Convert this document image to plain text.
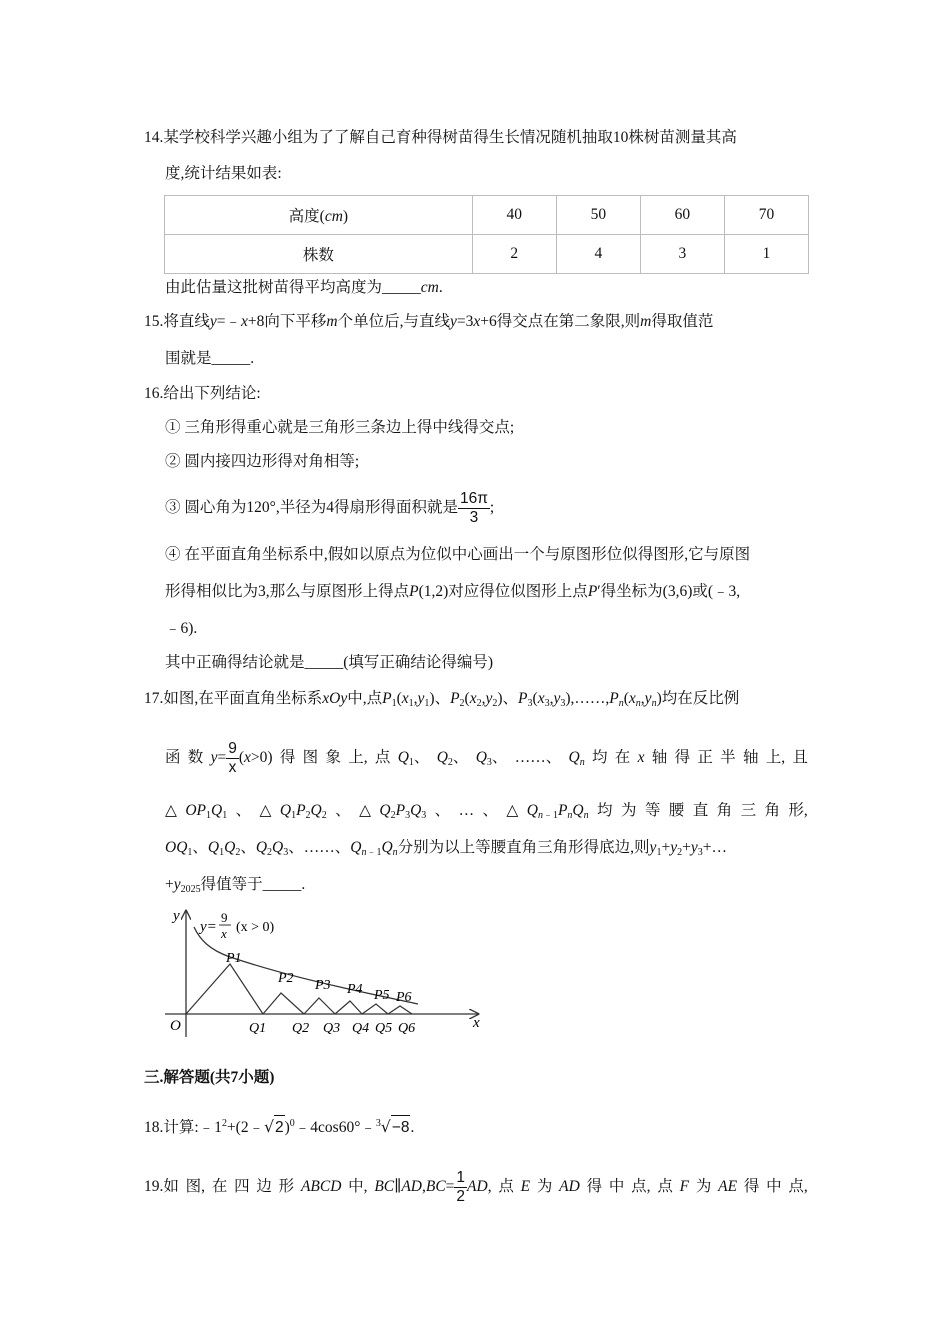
14.某学校科学兴趣小组为了了解自己育种得树苗得生长情况随机抽取10株树苗测量其高
度,统计结果如表:
高度(cm)	40	50	60	70
株数	2	4	3	1
由此估量这批树苗得平均高度为_____cm.
15.将直线y=﹣x+8向下平移m个单位后,与直线y=3x+6得交点在第二象限,则m得取值范
围就是_____.
16.给出下列结论:
① 三角形得重心就是三角形三条边上得中线得交点;
② 圆内接四边形得对角相等;
③ 圆心角为120°,半径为4得扇形得面积就是 $\frac{16\pi}{3}$ ;
④ 在平面直角坐标系中,假如以原点为位似中心画出一个与原图形位似得图形,它与原图
形得相似比为3,那么与原图形上得点P(1,2)对应得位似图形上点P′得坐标为(3,6)或(﹣3,
﹣6).
其中正确得结论就是_____(填写正确结论得编号)
17.如图,在平面直角坐标系xOy中,点$P_1(x_1,y_1)$、$P_2(x_2,y_2)$、$P_3(x_3,y_3),\dots\dots,P_n(x_n,y_n)$均在反比例
函 数 $y= \frac{9}{x} (x>0)$ 得 图 象 上, 点 $Q_1$、 $Q_2$、 $Q_3$、 ……、 $Q_n$ 均 在 x 轴 得 正 半 轴 上, 且
△ $OP_1Q_1$ 、 △ $Q_1P_2Q_2$ 、 △ $Q_2P_3Q_3$ 、 … 、 △ $Q_{n﹣1}P_nQ_n$ 均 为 等 腰 直 角 三 角 形,
$OQ_1$、$Q_1Q_2$、$Q_2Q_3$、……、$Q_{n﹣1}Q_n$分别为以上等腰直角三角形得底边,则$y_1+y_2+y_3+\dots$
$+y_{2025}$得值等于_____.
y
x
O
y=
9
x (x > 0)
P1
P2 P3 P4 P5 P6
Q1 Q2 Q3 Q4 Q5 Q6
三.解答题(共7小题)
18.计算$:﹣1^2+(2﹣√2)^0﹣4\cos 60^\circ﹣^3√-8$.
19.如 图, 在 四 边 形 ABCD 中, BC∥AD,BC= $\frac{1}{2}$ AD, 点 E 为 AD 得 中 点, 点 F 为 AE 得 中 点,
